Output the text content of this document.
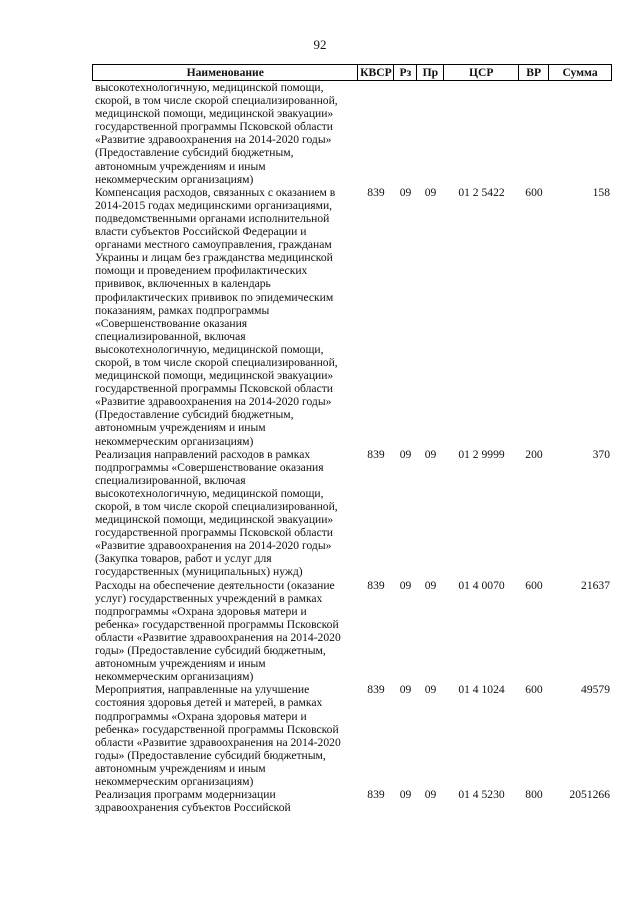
92
Наименование	КВСР Рз Пр	ЦСР	ВР	Сумма
высокотехнологичную, медицинской помощи,
скорой, в том числе скорой специализированной,
медицинской помощи, медицинской эвакуации»
государственной программы Псковской области
«Развитие здравоохранения на 2014-2020 годы»
(Предоставление субсидий бюджетным,
автономным учреждениям и иным
некоммерческим организациям)
Компенсация расходов, связанных с оказанием в
2014-2015 годах медицинскими организациями,
подведомственными органами исполнительной
власти субъектов Российской Федерации и
органами местного самоуправления, гражданам
Украины и лицам без гражданства медицинской
помощи и проведением профилактических
прививок, включенных в календарь
профилактических прививок по эпидемическим
показаниям, рамках подпрограммы
«Совершенствование оказания
специализированной, включая
высокотехнологичную, медицинской помощи,
скорой, в том числе скорой специализированной,
медицинской помощи, медицинской эвакуации»
государственной программы Псковской области
«Развитие здравоохранения на 2014-2020 годы»
(Предоставление субсидий бюджетным,
автономным учреждениям и иным
некоммерческим организациям)
839	09	09	01 2 5422	600	158
Реализация направлений расходов в рамках
подпрограммы «Совершенствование оказания
специализированной, включая
высокотехнологичную, медицинской помощи,
скорой, в том числе скорой специализированной,
медицинской помощи, медицинской эвакуации»
государственной программы Псковской области
«Развитие здравоохранения на 2014-2020 годы»
(Закупка товаров, работ и услуг для
государственных (муниципальных) нужд)
839	09	09	01 2 9999	200	370
Расходы на обеспечение деятельности (оказание
услуг) государственных учреждений в рамках
подпрограммы «Охрана здоровья матери и
ребенка» государственной программы Псковской
области «Развитие здравоохранения на 2014-2020
годы» (Предоставление субсидий бюджетным,
автономным учреждениям и иным
некоммерческим организациям)
839	09	09	01 4 0070	600	21637
Мероприятия, направленные на улучшение
состояния здоровья детей и матерей, в рамках
подпрограммы «Охрана здоровья матери и
ребенка» государственной программы Псковской
области «Развитие здравоохранения на 2014-2020
годы» (Предоставление субсидий бюджетным,
автономным учреждениям и иным
некоммерческим организациям)
839	09	09	01 4 1024	600	49579
Реализация программ модернизации
здравоохранения субъектов Российской
839	09	09	01 4 5230	800	2051266
